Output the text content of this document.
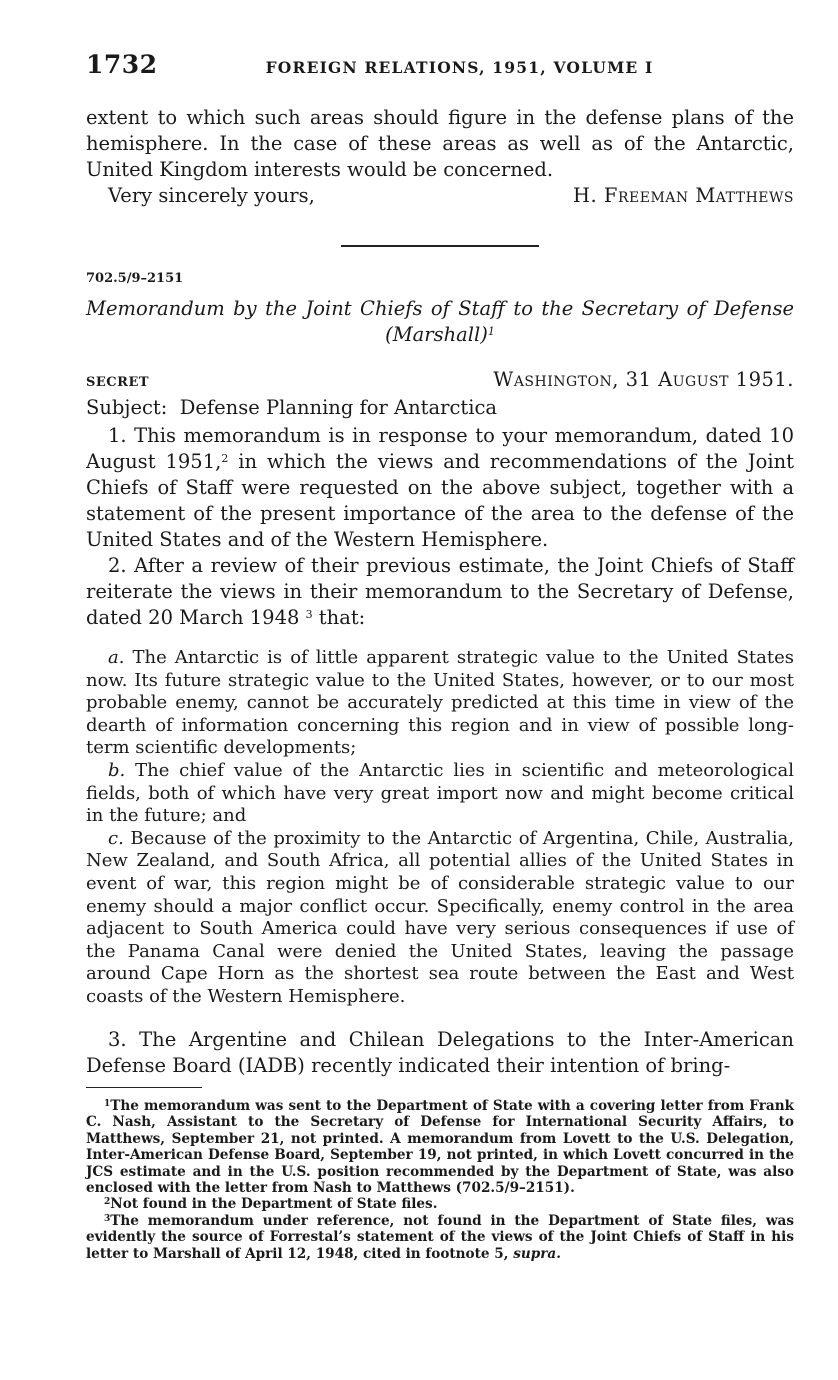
1732	FOREIGN RELATIONS, 1951, VOLUME I

extent to which such areas should figure in the defense plans of the hemisphere. In the case of these areas as well as of the Antarctic, United Kingdom interests would be concerned.

Very sincerely yours,	H. Freeman Matthews
702.5/9–2151
Memorandum by the Joint Chiefs of Staff to the Secretary of Defense
(Marshall)$^1$
SECRET	Washington, 31 August 1951.
Subject: Defense Planning for Antarctica

1. This memorandum is in response to your memorandum, dated 10 August 1951,$^2$ in which the views and recommendations of the Joint Chiefs of Staff were requested on the above subject, together with a statement of the present importance of the area to the defense of the United States and of the Western Hemisphere.

2. After a review of their previous estimate, the Joint Chiefs of Staff reiterate the views in their memorandum to the Secretary of Defense, dated 20 March 1948 $^3$ that:

a. The Antarctic is of little apparent strategic value to the United States now. Its future strategic value to the United States, however, or to our most probable enemy, cannot be accurately predicted at this time in view of the dearth of information concerning this region and in view of possible long-term scientific developments;

b. The chief value of the Antarctic lies in scientific and meteorological fields, both of which have very great import now and might become critical in the future; and

c. Because of the proximity to the Antarctic of Argentina, Chile, Australia, New Zealand, and South Africa, all potential allies of the United States in event of war, this region might be of considerable strategic value to our enemy should a major conflict occur. Specifically, enemy control in the area adjacent to South America could have very serious consequences if use of the Panama Canal were denied the United States, leaving the passage around Cape Horn as the shortest sea route between the East and West coasts of the Western Hemisphere.

3. The Argentine and Chilean Delegations to the Inter-American Defense Board (IADB) recently indicated their intention of bring-

$^1$The memorandum was sent to the Department of State with a covering letter from Frank C. Nash, Assistant to the Secretary of Defense for International Security Affairs, to Matthews, September 21, not printed. A memorandum from Lovett to the U.S. Delegation, Inter-American Defense Board, September 19, not printed, in which Lovett concurred in the JCS estimate and in the U.S. position recommended by the Department of State, was also enclosed with the letter from Nash to Matthews (702.5/9–2151).

$^2$Not found in the Department of State files.

$^3$The memorandum under reference, not found in the Department of State files, was evidently the source of Forrestal’s statement of the views of the Joint Chiefs of Staff in his letter to Marshall of April 12, 1948, cited in footnote 5, supra.
